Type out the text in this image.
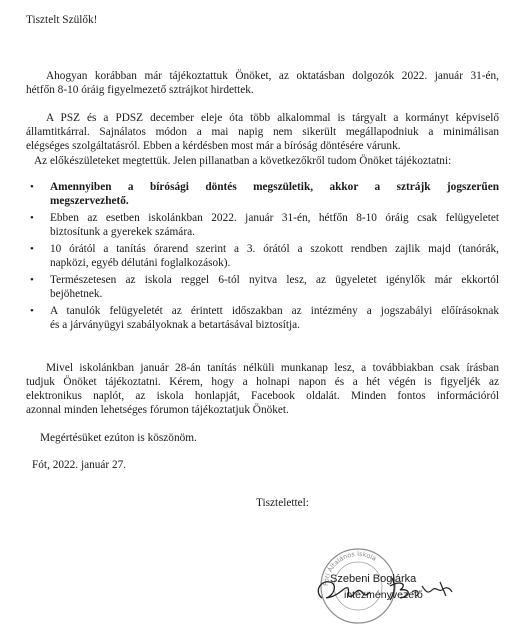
Tisztelt Szülők!

Ahogyan korábban már tájékoztattuk Önöket, az oktatásban dolgozók 2022. január 31-én,

hétfőn 8-10 óráig figyelmezető sztrájkot hirdettek.

A PSZ és a PDSZ december eleje óta több alkalommal is tárgyalt a kormányt képviselő

államtitkárral. Sajnálatos módon a mai napig nem sikerült megállapodniuk a minimálisan

elégséges szolgáltatásról. Ebben a kérdésben most már a bíróság döntésére várunk.

Az előkészületeket megtettük. Jelen pillanatban a következőkről tudom Önöket tájékoztatni:

• Amennyiben a bírósági döntés megszületik, akkor a sztrájk jogszerűen

megszervezhető.

• Ebben az esetben iskolánkban 2022. január 31-én, hétfőn 8-10 óráig csak felügyeletet

biztosítunk a gyerekek számára.

• 10 órától a tanítás órarend szerint a 3. órától a szokott rendben zajlik majd (tanórák,

napközi, egyéb délutáni foglalkozások).

• Természetesen az iskola reggel 6-tól nyitva lesz, az ügyeletet igénylők már ekkortól

bejöhetnek.

• A tanulók felügyeletét az érintett időszakban az intézmény a jogszabályi előírásoknak

és a járványügyi szabályoknak a betartásával biztosítja.

Mivel iskolánkban január 28-án tanítás nélküli munkanap lesz, a továbbiakban csak írásban

tudjuk Önöket tájékoztatni. Kérem, hogy a holnapi napon és a hét végén is figyeljék az

elektronikus naplót, az iskola honlapját, Facebook oldalát. Minden fontos információról

azonnal minden lehetséges fórumon tájékoztatjuk Önöket.

Megértésüket ezúton is köszönöm.

Fót, 2022. január 27.

Tisztelettel:

Fóti Általános Iskola

Szebeni Boglárka

intézményvezető
